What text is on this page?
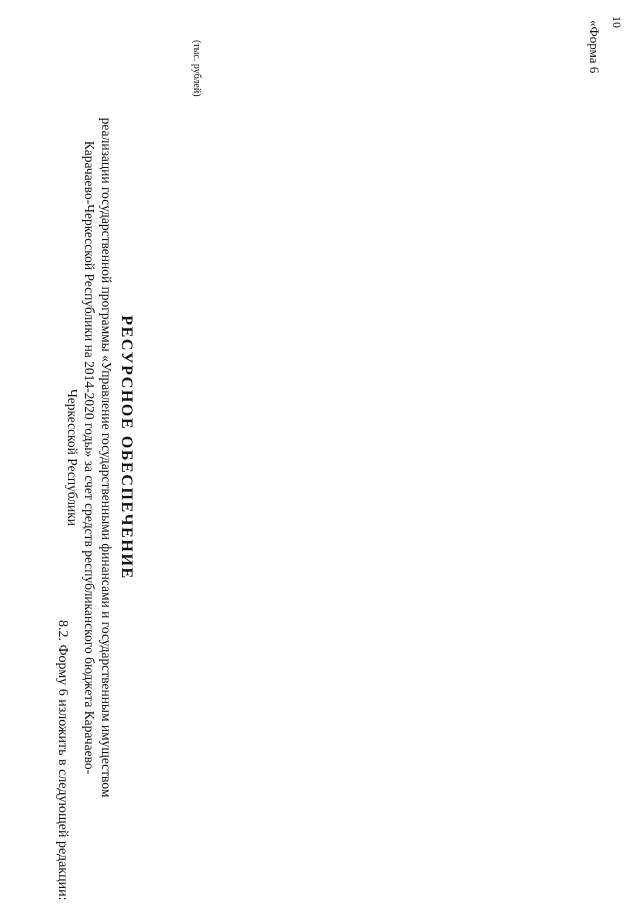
10
«Форма 6
8.2. Форму 6 изложить в следующей редакции:
РЕСУРСНОЕ ОБЕСПЕЧЕНИЕ
реализации государственной программы «Управление государственными финансами и государственным имуществом Карачаево-Черкесской Республики на 2014-2020 годы» за счет средств республиканского бюджета Карачаево-Черкесской Республики
(тыс. рублей)
